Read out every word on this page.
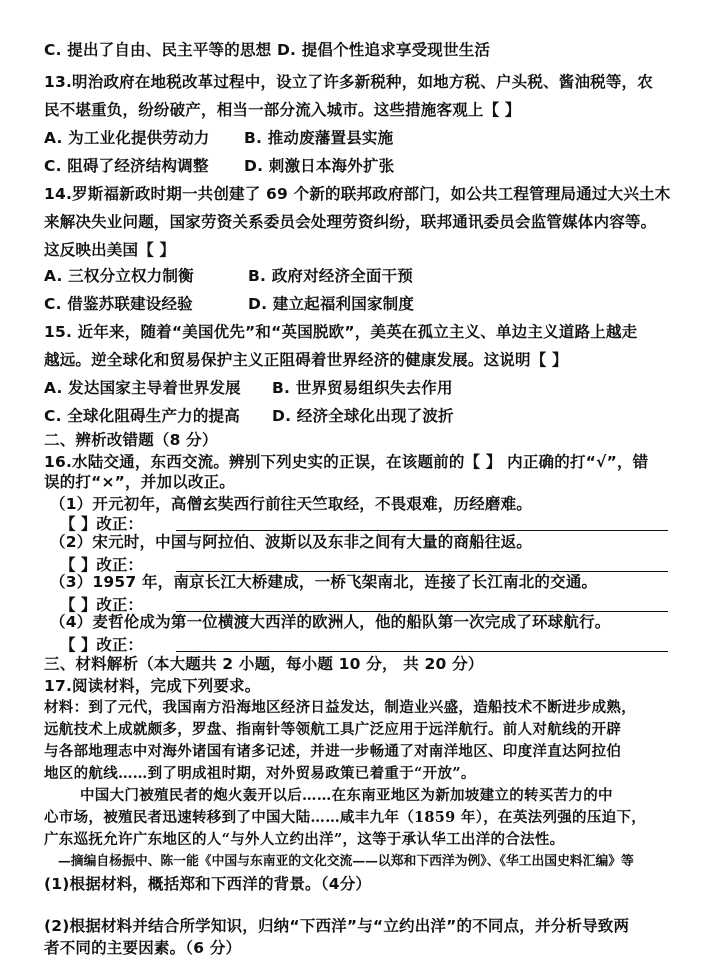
C. 提出了自由、民主平等的思想 D. 提倡个性追求享受现世生活
13.明治政府在地税改革过程中，设立了许多新税种，如地方税、户头税、酱油税等，农
民不堪重负，纷纷破产，相当一部分流入城市。这些措施客观上【 】
A. 为工业化提供劳动力 B. 推动废藩置县实施
C. 阻碍了经济结构调整 D. 刺激日本海外扩张
14.罗斯福新政时期一共创建了 69 个新的联邦政府部门，如公共工程管理局通过大兴土木
来解决失业问题，国家劳资关系委员会处理劳资纠纷，联邦通讯委员会监管媒体内容等。
这反映出美国【 】
A. 三权分立权力制衡	B. 政府对经济全面干预
C. 借鉴苏联建设经验	D. 建立起福利国家制度
15. 近年来，随着“美国优先”和“英国脱欧”，美英在孤立主义、单边主义道路上越走
越远。逆全球化和贸易保护主义正阻碍着世界经济的健康发展。这说明【 】
A. 发达国家主导着世界发展 B. 世界贸易组织失去作用
C. 全球化阻碍生产力的提高 D. 经济全球化出现了波折
二、辨析改错题（8 分）
16.水陆交通，东西交流。辨别下列史实的正误，在该题前的【 】 内正确的打“√”，错
误的打“×”，并加以改正。
（1）开元初年，高僧玄奘西行前往天竺取经，不畏艰难，历经磨难。
【 】改正：
（2）宋元时，中国与阿拉伯、波斯以及东非之间有大量的商船往返。
【 】改正：
（3）1957 年，南京长江大桥建成，一桥飞架南北，连接了长江南北的交通。
【 】改正：
（4）麦哲伦成为第一位横渡大西洋的欧洲人，他的船队第一次完成了环球航行。
【 】改正：
三、材料解析（本大题共 2 小题，每小题 10 分， 共 20 分）
17.阅读材料，完成下列要求。
材料：到了元代，我国南方沿海地区经济日益发达，制造业兴盛，造船技术不断进步成熟，
远航技术上成就颇多，罗盘、指南针等领航工具广泛应用于远洋航行。前人对航线的开辟
与各部地理志中对海外诸国有诸多记述，并进一步畅通了对南洋地区、印度洋直达阿拉伯
地区的航线……到了明成祖时期，对外贸易政策已着重于“开放”。
中国大门被殖民者的炮火轰开以后……在东南亚地区为新加坡建立的转买苦力的中
心市场，被殖民者迅速转移到了中国大陆……咸丰九年（1859 年），在英法列强的压迫下，
广东巡抚允许广东地区的人“与外人立约出洋”，这等于承认华工出洋的合法性。
—摘编自杨振中、陈一能《中国与东南亚的文化交流——以郑和下西洋为例》、《华工出国史料汇编》等
(1)根据材料，概括郑和下西洋的背景。（4分）
(2)根据材料并结合所学知识，归纳“下西洋”与“立约出洋”的不同点，并分析导致两
者不同的主要因素。（6 分）
